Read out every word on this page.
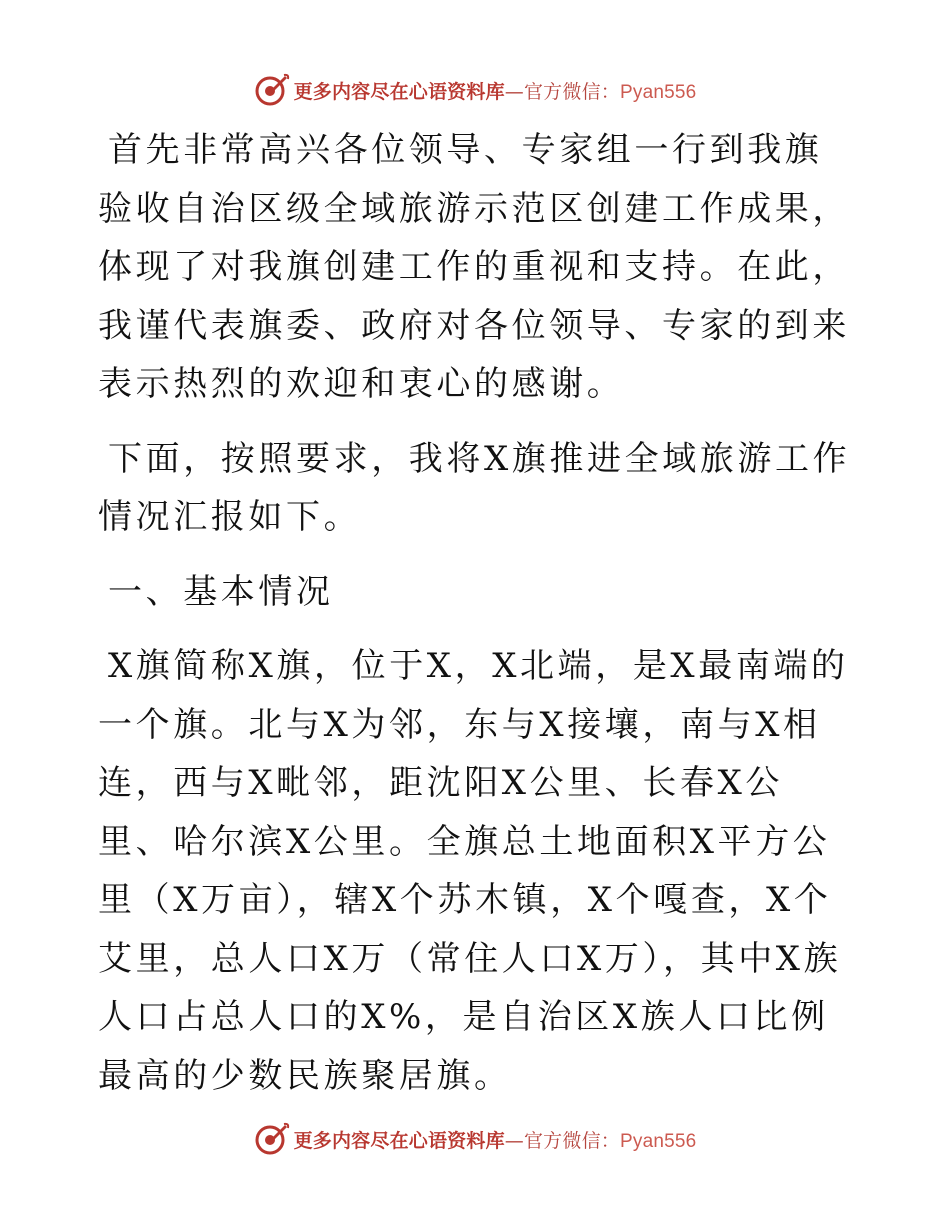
更多内容尽在心语资料库—官方微信：Pyan556

首先非常高兴各位领导、专家组一行到我旗验收自治区级全域旅游示范区创建工作成果，体现了对我旗创建工作的重视和支持。在此，我谨代表旗委、政府对各位领导、专家的到来表示热烈的欢迎和衷心的感谢。

下面，按照要求，我将X旗推进全域旅游工作情况汇报如下。

一、基本情况

X旗简称X旗，位于X，X北端，是X最南端的一个旗。北与X为邻，东与X接壤，南与X相连，西与X毗邻，距沈阳X公里、长春X公里、哈尔滨X公里。全旗总土地面积X平方公里（X万亩），辖X个苏木镇，X个嘎查，X个艾里，总人口X万（常住人口X万），其中X族人口占总人口的X%，是自治区X族人口比例最高的少数民族聚居旗。

更多内容尽在心语资料库—官方微信：Pyan556
